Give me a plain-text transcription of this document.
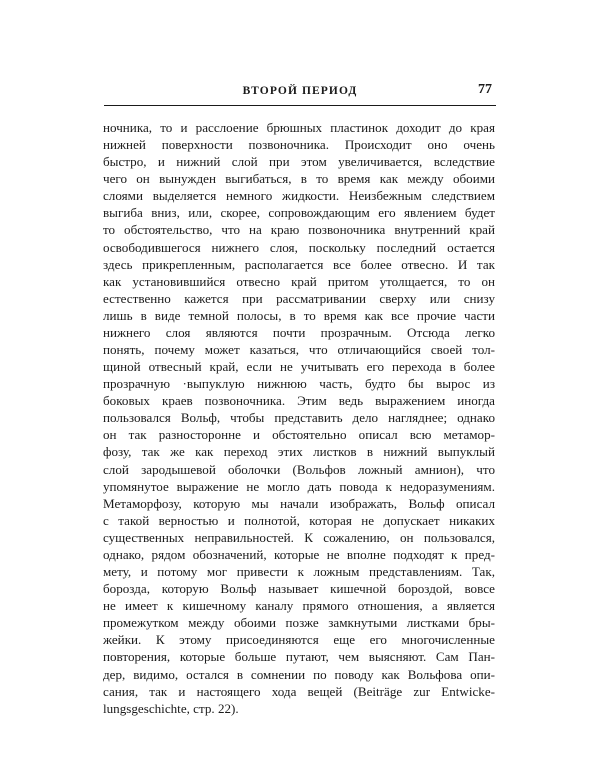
ВТОРОЙ ПЕРИОД	77
ночника, то и расслоение брюшных пластинок доходит до края
нижней поверхности позвоночника. Происходит оно очень
быстро, и нижний слой при этом увеличивается, вследствие
чего он вынужден выгибаться, в то время как между обоими
слоями выделяется немного жидкости. Неизбежным следствием
выгиба вниз, или, скорее, сопровождающим его явлением будет
то обстоятельство, что на краю позвоночника внутренний край
освободившегося нижнего слоя, поскольку последний остается
здесь прикрепленным, располагается все более отвесно. И так
как установившийся отвесно край притом утолщается, то он
естественно кажется при рассматривании сверху или снизу
лишь в виде темной полосы, в то время как все прочие части
нижнего слоя являются почти прозрачным. Отсюда легко
понять, почему может казаться, что отличающийся своей тол-
щиной отвесный край, если не учитывать его перехода в более
прозрачную ·выпуклую нижнюю часть, будто бы вырос из
боковых краев позвоночника. Этим ведь выражением иногда
пользовался Вольф, чтобы представить дело нагляднее; однако
он так разносторонне и обстоятельно описал всю метамор-
фозу, так же как переход этих листков в нижний выпуклый
слой зародышевой оболочки (Вольфов ложный амнион), что
упомянутое выражение не могло дать повода к недоразумениям.
Метаморфозу, которую мы начали изображать, Вольф описал
с такой верностью и полнотой, которая не допускает никаких
существенных неправильностей. К сожалению, он пользовался,
однако, рядом обозначений, которые не вполне подходят к пред-
мету, и потому мог привести к ложным представлениям. Так,
борозда, которую Вольф называет кишечной бороздой, вовсе
не имеет к кишечному каналу прямого отношения, а является
промежутком между обоими позже замкнутыми листками бры-
жейки. К этому присоединяются еще его многочисленные
повторения, которые больше путают, чем выясняют. Сам Пан-
дер, видимо, остался в сомнении по поводу как Вольфова опи-
сания, так и настоящего хода вещей (Beiträge zur Entwicke-
lungsgeschichte, стр. 22).
